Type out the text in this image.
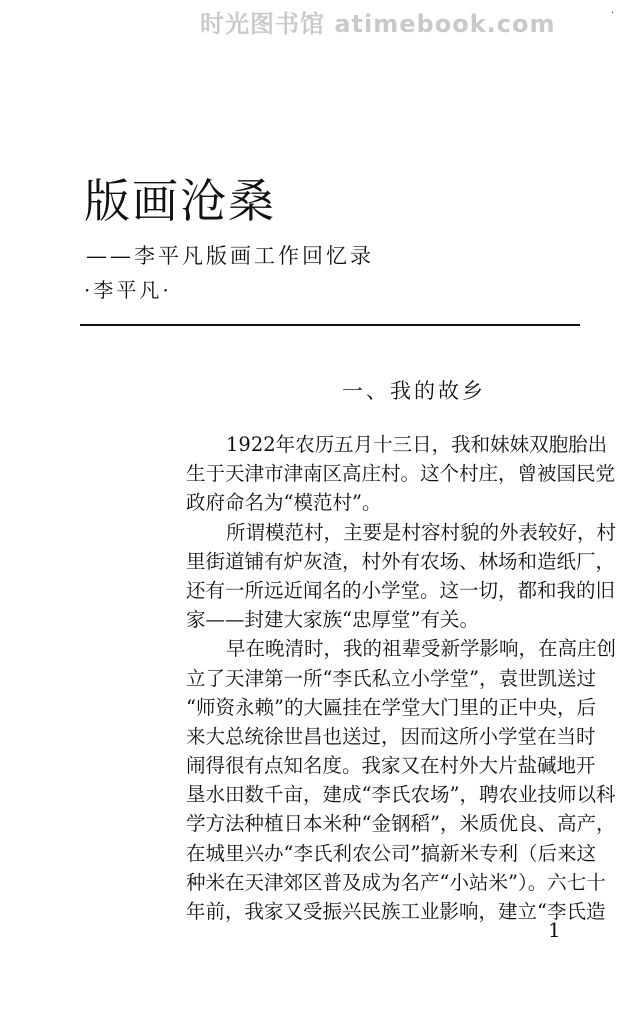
时光图书馆 atimebook.com	·
版画沧桑
——李平凡版画工作回忆录
·李平凡·
一、我的故乡
1922年农历五月十三日，我和妹妹双胞胎出
生于天津市津南区高庄村。这个村庄，曾被国民党
政府命名为“模范村”。
所谓模范村，主要是村容村貌的外表较好，村
里街道铺有炉灰渣，村外有农场、林场和造纸厂，
还有一所远近闻名的小学堂。这一切，都和我的旧
家——封建大家族“忠厚堂”有关。
早在晚清时，我的祖辈受新学影响，在高庄创
立了天津第一所“李氏私立小学堂”，袁世凯送过
“师资永赖”的大匾挂在学堂大门里的正中央，后
来大总统徐世昌也送过，因而这所小学堂在当时
闹得很有点知名度。我家又在村外大片盐碱地开
垦水田数千亩，建成“李氏农场”，聘农业技师以科
学方法种植日本米种“金钢稻”，米质优良、高产，
在城里兴办“李氏利农公司”搞新米专利（后来这
种米在天津郊区普及成为名产“小站米”）。六七十
年前，我家又受振兴民族工业影响，建立“李氏造
1
